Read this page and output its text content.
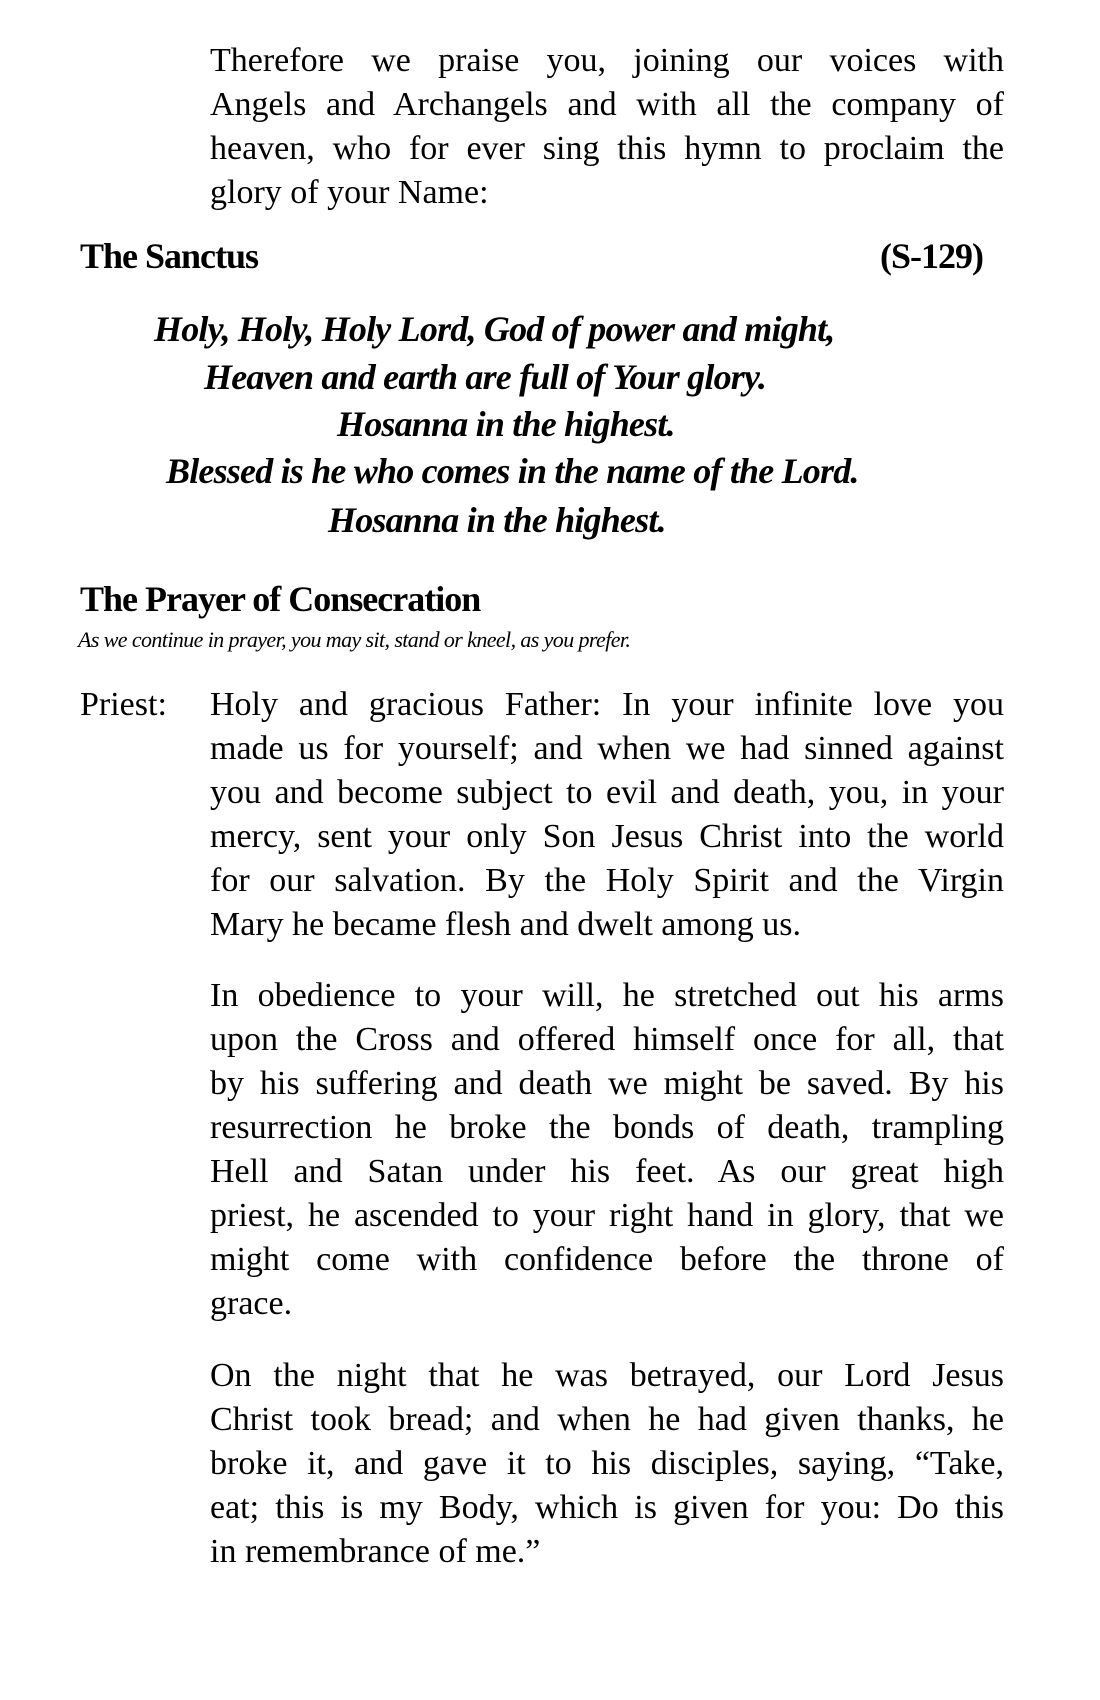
Therefore we praise you, joining our voices with
Angels and Archangels and with all the company of
heaven, who for ever sing this hymn to proclaim the
glory of your Name:
The Sanctus	(S-129)
Holy, Holy, Holy Lord, God of power and might,
Heaven and earth are full of Your glory.
Hosanna in the highest.
Blessed is he who comes in the name of the Lord.
Hosanna in the highest.
The Prayer of Consecration
As we continue in prayer, you may sit, stand or kneel, as you prefer.
Priest: Holy and gracious Father: In your infinite love you
made us for yourself; and when we had sinned against
you and become subject to evil and death, you, in your
mercy, sent your only Son Jesus Christ into the world
for our salvation. By the Holy Spirit and the Virgin
Mary he became flesh and dwelt among us.
In obedience to your will, he stretched out his arms
upon the Cross and offered himself once for all, that
by his suffering and death we might be saved. By his
resurrection he broke the bonds of death, trampling
Hell and Satan under his feet. As our great high
priest, he ascended to your right hand in glory, that we
might come with confidence before the throne of
grace.
On the night that he was betrayed, our Lord Jesus
Christ took bread; and when he had given thanks, he
broke it, and gave it to his disciples, saying, “Take,
eat; this is my Body, which is given for you: Do this
in remembrance of me.”
